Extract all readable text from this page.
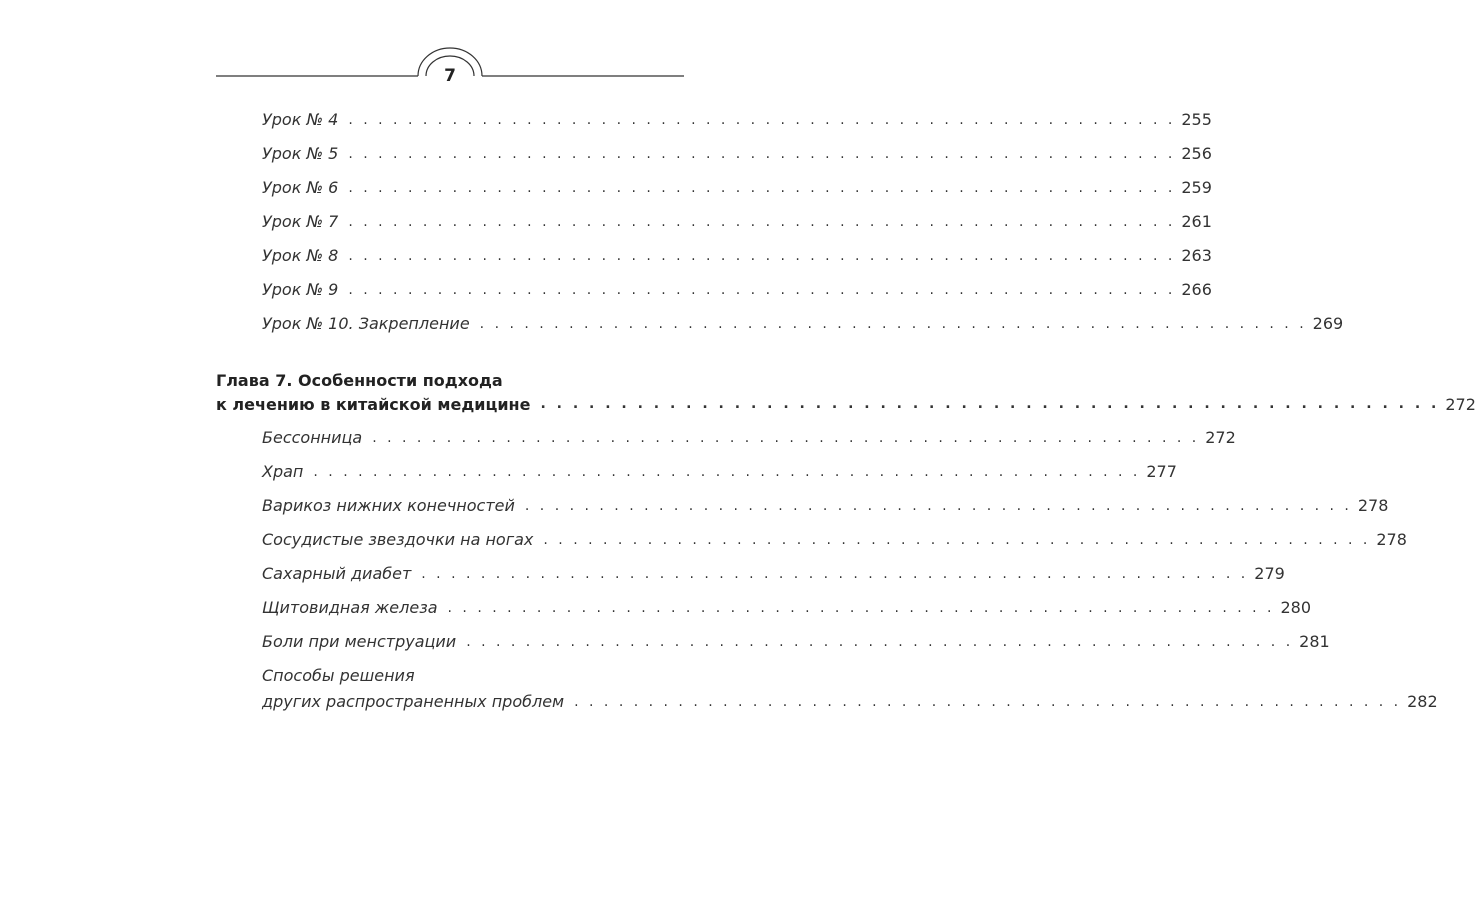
7
Урок № 4 . . . . . . . . . . . . . . . . . . . . . . . . . . . . . . . . . . . . . . . . . . . . . . . . . . . . . . . . 255
Урок № 5 . . . . . . . . . . . . . . . . . . . . . . . . . . . . . . . . . . . . . . . . . . . . . . . . . . . . . . . . 256
Урок № 6 . . . . . . . . . . . . . . . . . . . . . . . . . . . . . . . . . . . . . . . . . . . . . . . . . . . . . . . . 259
Урок № 7 . . . . . . . . . . . . . . . . . . . . . . . . . . . . . . . . . . . . . . . . . . . . . . . . . . . . . . . . 261
Урок № 8 . . . . . . . . . . . . . . . . . . . . . . . . . . . . . . . . . . . . . . . . . . . . . . . . . . . . . . . . 263
Урок № 9 . . . . . . . . . . . . . . . . . . . . . . . . . . . . . . . . . . . . . . . . . . . . . . . . . . . . . . . . 266
Урок № 10. Закрепление . . . . . . . . . . . . . . . . . . . . . . . . . . . . . . . . . . . . . . . . . . . . . . . . . . . . . . . . 269
Глава 7. Особенности подхода
к лечению в китайской медицине . . . . . . . . . . . . . . . . . . . . . . . . . . . . . . . . . . . . . . . . . . . . . . . . . . . . . . . . 272
Бессонница . . . . . . . . . . . . . . . . . . . . . . . . . . . . . . . . . . . . . . . . . . . . . . . . . . . . . . . . 272
Храп . . . . . . . . . . . . . . . . . . . . . . . . . . . . . . . . . . . . . . . . . . . . . . . . . . . . . . . . 277
Варикоз нижних конечностей . . . . . . . . . . . . . . . . . . . . . . . . . . . . . . . . . . . . . . . . . . . . . . . . . . . . . . . . 278
Сосудистые звездочки на ногах . . . . . . . . . . . . . . . . . . . . . . . . . . . . . . . . . . . . . . . . . . . . . . . . . . . . . . . . 278
Сахарный диабет . . . . . . . . . . . . . . . . . . . . . . . . . . . . . . . . . . . . . . . . . . . . . . . . . . . . . . . . 279
Щитовидная железа . . . . . . . . . . . . . . . . . . . . . . . . . . . . . . . . . . . . . . . . . . . . . . . . . . . . . . . . 280
Боли при менструации . . . . . . . . . . . . . . . . . . . . . . . . . . . . . . . . . . . . . . . . . . . . . . . . . . . . . . . . 281
Способы решения
других распространенных проблем . . . . . . . . . . . . . . . . . . . . . . . . . . . . . . . . . . . . . . . . . . . . . . . . . . . . . . . . 282
